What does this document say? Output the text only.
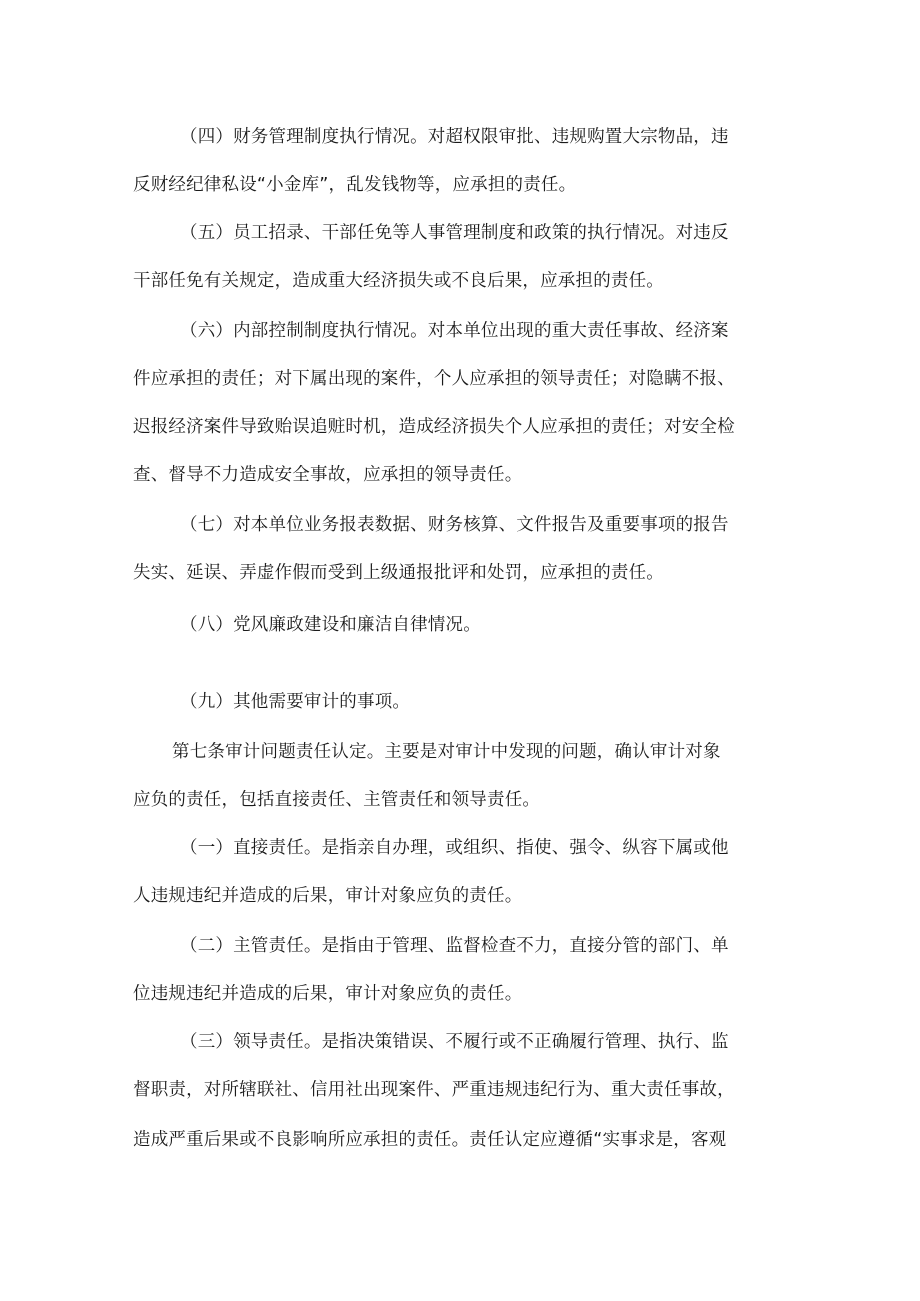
（四）财务管理制度执行情况。对超权限审批、违规购置大宗物品，违
反财经纪律私设“小金库”，乱发钱物等，应承担的责任。
（五）员工招录、干部任免等人事管理制度和政策的执行情况。对违反
干部任免有关规定，造成重大经济损失或不良后果，应承担的责任。
（六）内部控制制度执行情况。对本单位出现的重大责任事故、经济案
件应承担的责任；对下属出现的案件，个人应承担的领导责任；对隐瞒不报、
迟报经济案件导致贻误追赃时机，造成经济损失个人应承担的责任；对安全检
查、督导不力造成安全事故，应承担的领导责任。
（七）对本单位业务报表数据、财务核算、文件报告及重要事项的报告
失实、延误、弄虚作假而受到上级通报批评和处罚，应承担的责任。
（八）党风廉政建设和廉洁自律情况。
（九）其他需要审计的事项。
第七条审计问题责任认定。主要是对审计中发现的问题，确认审计对象
应负的责任，包括直接责任、主管责任和领导责任。
（一）直接责任。是指亲自办理，或组织、指使、强令、纵容下属或他
人违规违纪并造成的后果，审计对象应负的责任。
（二）主管责任。是指由于管理、监督检查不力，直接分管的部门、单
位违规违纪并造成的后果，审计对象应负的责任。
（三）领导责任。是指决策错误、不履行或不正确履行管理、执行、监
督职责，对所辖联社、信用社出现案件、严重违规违纪行为、重大责任事故，
造成严重后果或不良影响所应承担的责任。责任认定应遵循“实事求是，客观
